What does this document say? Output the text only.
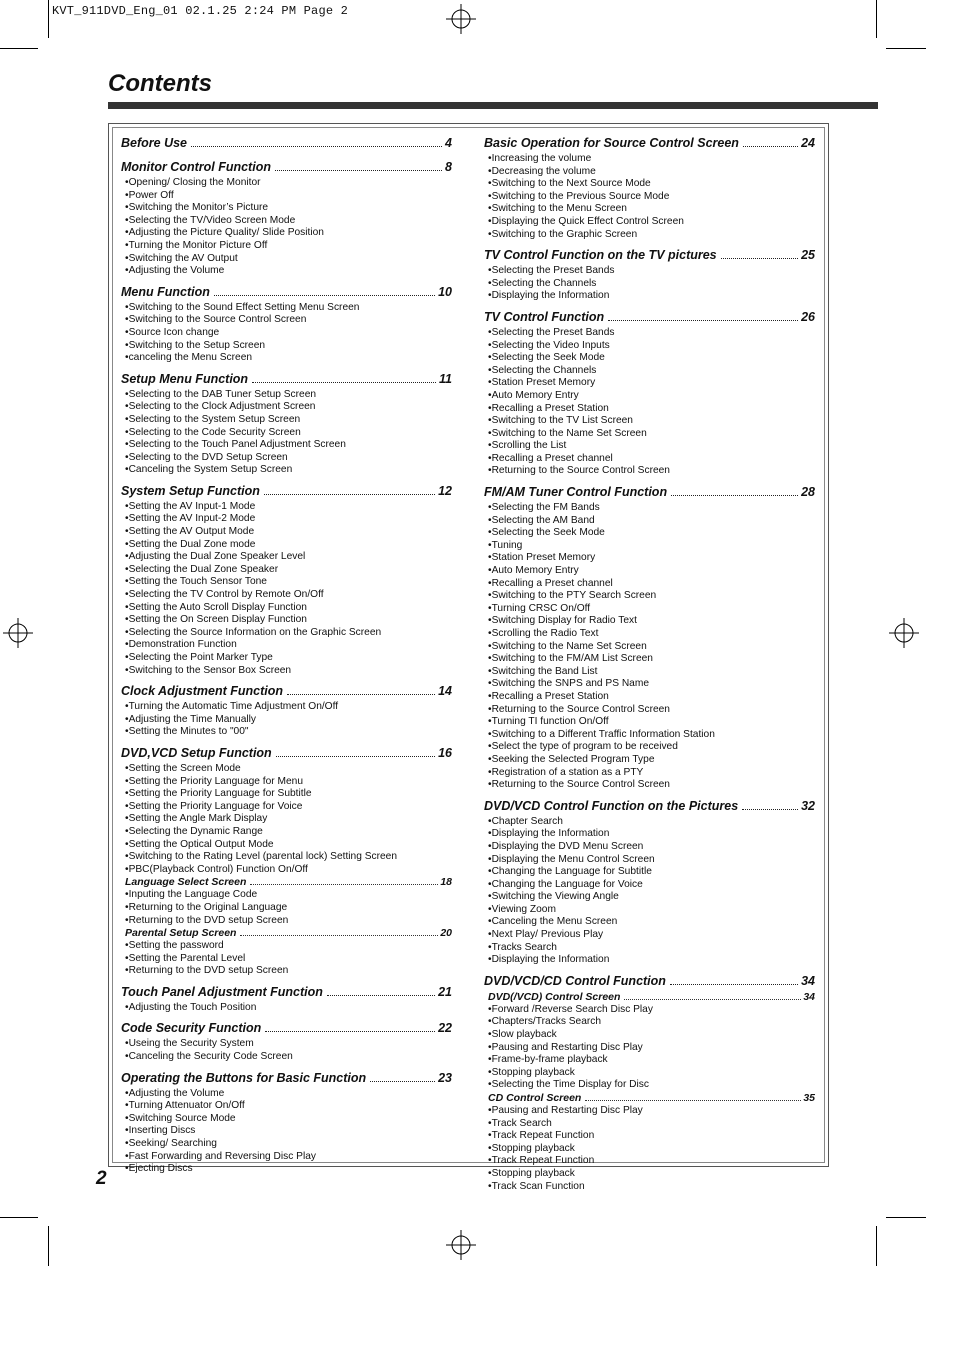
KVT_911DVD_Eng_01 02.1.25 2:24 PM Page 2
Contents
Before Use	4
Monitor Control Function	8
• Opening/ Closing the Monitor
• Power Off
• Switching the Monitor’s Picture
• Selecting the TV/Video Screen Mode
• Adjusting the Picture Quality/ Slide Position
• Turning the Monitor Picture Off
• Switching the AV Output
• Adjusting the Volume
Menu Function	10
• Switching to the Sound Effect Setting Menu Screen
• Switching to the Source Control Screen
• Source Icon change
• Switching to the Setup Screen
• canceling the Menu Screen
Setup Menu Function	11
• Selecting to the DAB Tuner Setup Screen
• Selecting to the Clock Adjustment Screen
• Selecting to the System Setup Screen
• Selecting to the Code Security Screen
• Selecting to the Touch Panel Adjustment Screen
• Selecting to the DVD Setup Screen
• Canceling the System Setup Screen
System Setup Function	12
• Setting the AV Input-1 Mode
• Setting the AV Input-2 Mode
• Setting the AV Output Mode
• Setting the Dual Zone mode
• Adjusting the Dual Zone Speaker Level
• Selecting the Dual Zone Speaker
• Setting the Touch Sensor Tone
• Selecting the TV Control by Remote On/Off
• Setting the Auto Scroll Display Function
• Setting the On Screen Display Function
• Selecting the Source Information on the Graphic Screen
• Demonstration Function
• Selecting the Point Marker Type
• Switching to the Sensor Box Screen
Clock Adjustment Function	14
• Turning the Automatic Time Adjustment On/Off
• Adjusting the Time Manually
• Setting the Minutes to "00"
DVD,VCD Setup Function	16
• Setting the Screen Mode
• Setting the Priority Language for Menu
• Setting the Priority Language for Subtitle
• Setting the Priority Language for Voice
• Setting the Angle Mark Display
• Selecting the Dynamic Range
• Setting the Optical Output Mode
• Switching to the Rating Level (parental lock) Setting Screen
• PBC(Playback Control) Function On/Off
Language Select Screen	18
• Inputing the Language Code
• Returning to the Original Language
• Returning to the DVD setup Screen
Parental Setup Screen	20
• Setting the password
• Setting the Parental Level
• Returning to the DVD setup Screen
Touch Panel Adjustment Function	21
• Adjusting the Touch Position
Code Security Function	22
• Useing the Security System
• Canceling the Security Code Screen
Operating the Buttons for Basic Function	23
• Adjusting the Volume
• Turning Attenuator On/Off
• Switching Source Mode
• Inserting Discs
• Seeking/ Searching
• Fast Forwarding and Reversing Disc Play
• Ejecting Discs
Basic Operation for Source Control Screen	24
• Increasing the volume
• Decreasing the volume
• Switching to the Next Source Mode
• Switching to the Previous Source Mode
• Switching to the Menu Screen
• Displaying the Quick Effect Control Screen
• Switching to the Graphic Screen
TV Control Function on the TV pictures	25
• Selecting the Preset Bands
• Selecting the Channels
• Displaying the Information
TV Control Function	26
• Selecting the Preset Bands
• Selecting the Video Inputs
• Selecting the Seek Mode
• Selecting the Channels
• Station Preset Memory
• Auto Memory Entry
• Recalling a Preset Station
• Switching to the TV List Screen
• Switching to the Name Set Screen
• Scrolling the List
• Recalling a Preset channel
• Returning to the Source Control Screen
FM/AM Tuner Control Function	28
• Selecting the FM Bands
• Selecting the AM Band
• Selecting the Seek Mode
• Tuning
• Station Preset Memory
• Auto Memory Entry
• Recalling a Preset channel
• Switching to the PTY Search Screen
• Turning CRSC On/Off
• Switching Display for Radio Text
• Scrolling the Radio Text
• Switching to the Name Set Screen
• Switching to the FM/AM List Screen
• Switching the Band List
• Switching the SNPS and PS Name
• Recalling a Preset Station
• Returning to the Source Control Screen
• Turning TI function On/Off
• Switching to a Different Traffic Information Station
• Select the type of program to be received
• Seeking the Selected Program Type
• Registration of a station as a PTY
• Returning to the Source Control Screen
DVD/VCD Control Function on the Pictures	32
• Chapter Search
• Displaying the Information
• Displaying the DVD Menu Screen
• Displaying the Menu Control Screen
• Changing the Language for Subtitle
• Changing the Language for Voice
• Switching the Viewing Angle
• Viewing Zoom
• Canceling the Menu Screen
• Next Play/ Previous Play
• Tracks Search
• Displaying the Information
DVD/VCD/CD Control Function	34
DVD(/VCD) Control Screen	34
• Forward /Reverse Search Disc Play
• Chapters/Tracks Search
• Slow playback
• Pausing and Restarting Disc Play
• Frame-by-frame playback
• Stopping playback
• Selecting the Time Display for Disc
CD Control Screen	35
• Pausing and Restarting Disc Play
• Track Search
• Track Repeat Function
• Stopping playback
• Track Repeat Function
• Stopping playback
• Track Scan Function
2
